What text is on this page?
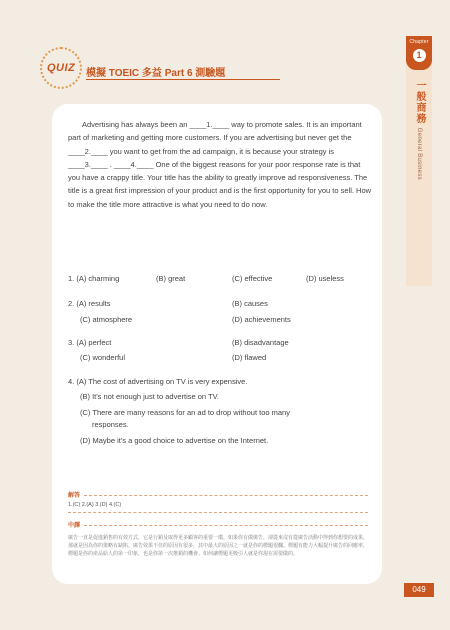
Chapter
1
一般商務 General Business
QUIZ 模擬 TOEIC 多益 Part 6 測驗題

Advertising has always been an ____1.____ way to promote sales. It is an important part of marketing and getting more customers. If you are advertising but never get the ____2.____ you want to get from the ad campaign, it is because your strategy is ____3.____ . ____4.____ One of the biggest reasons for your poor response rate is that you have a crappy title. Your title has the ability to greatly improve ad responsiveness. The title is a great first impression of your product and is the first opportunity for you to sell. How to make the title more attractive is what you need to do now.

1. (A) charming	(B) great	(C) effective	(D) useless
2. (A) results	(B) causes
(C) atmosphere	(D) achievements
3. (A) perfect	(B) disadvantage
(C) wonderful	(D) flawed
4. (A) The cost of advertising on TV is very expensive.
(B) It's not enough just to advertise on TV.
(C) There are many reasons for an ad to drop without too many
responses.
(D) Maybe it's a good choice to advertise on the Internet.
解答
1.(C) 2.(A) 3.(D) 4.(C)
中譯

廣告一直是促進銷售的有效方式，它是行銷及取得更多顧客的重要一環。如果你有做廣告，卻從來沒有從廣告活動中得到你想要的成果，那就是因為你的策略有缺陷。廣告效果不佳的原因有很多，其中最大的原因之一就是你的標題很爛。標題有能力大幅提升廣告的回應率，標題是你的產品給人的第一印象，也是你第一次推銷的機會。如何讓標題更吸引人就是你現在需要做的。

049
